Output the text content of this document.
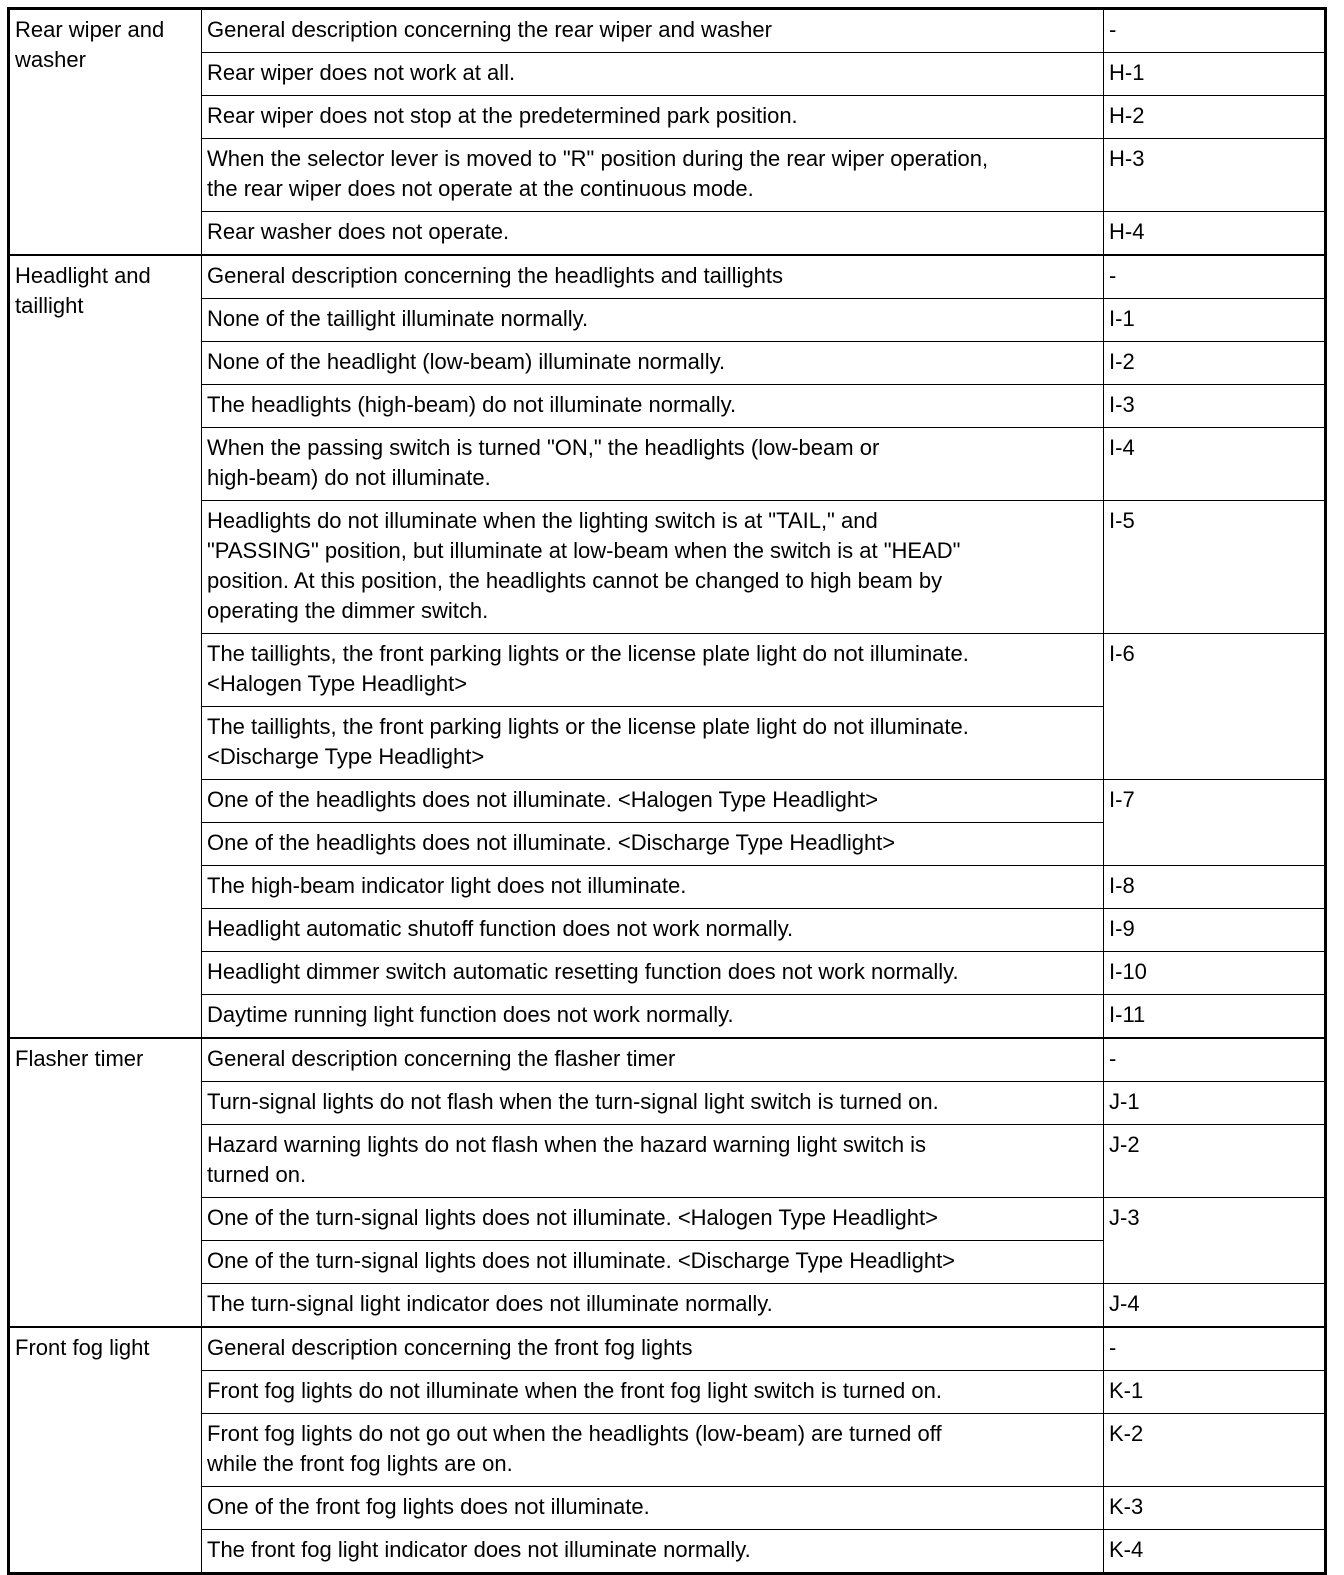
Rear wiper and
washer	General description concerning the rear wiper and washer	-
	Rear wiper does not work at all.	H-1
	Rear wiper does not stop at the predetermined park position.	H-2
	When the selector lever is moved to "R" position during the rear wiper operation,
the rear wiper does not operate at the continuous mode.	H-3
	Rear washer does not operate.	H-4
Headlight and
taillight	General description concerning the headlights and taillights	-
	None of the taillight illuminate normally.	I-1
	None of the headlight (low-beam) illuminate normally.	I-2
	The headlights (high-beam) do not illuminate normally.	I-3
	When the passing switch is turned "ON," the headlights (low-beam or
high-beam) do not illuminate.	I-4
	Headlights do not illuminate when the lighting switch is at "TAIL," and
"PASSING" position, but illuminate at low-beam when the switch is at "HEAD"
position. At this position, the headlights cannot be changed to high beam by
operating the dimmer switch.	I-5
	The taillights, the front parking lights or the license plate light do not illuminate.
<Halogen Type Headlight>	I-6
	The taillights, the front parking lights or the license plate light do not illuminate.
<Discharge Type Headlight>	
	One of the headlights does not illuminate. <Halogen Type Headlight>	I-7
	One of the headlights does not illuminate. <Discharge Type Headlight>	
	The high-beam indicator light does not illuminate.	I-8
	Headlight automatic shutoff function does not work normally.	I-9
	Headlight dimmer switch automatic resetting function does not work normally.	I-10
	Daytime running light function does not work normally.	I-11
Flasher timer	General description concerning the flasher timer	-
	Turn-signal lights do not flash when the turn-signal light switch is turned on.	J-1
	Hazard warning lights do not flash when the hazard warning light switch is
turned on.	J-2
	One of the turn-signal lights does not illuminate. <Halogen Type Headlight>	J-3
	One of the turn-signal lights does not illuminate. <Discharge Type Headlight>	
	The turn-signal light indicator does not illuminate normally.	J-4
Front fog light	General description concerning the front fog lights	-
	Front fog lights do not illuminate when the front fog light switch is turned on.	K-1
	Front fog lights do not go out when the headlights (low-beam) are turned off
while the front fog lights are on.	K-2
	One of the front fog lights does not illuminate.	K-3
	The front fog light indicator does not illuminate normally.	K-4
